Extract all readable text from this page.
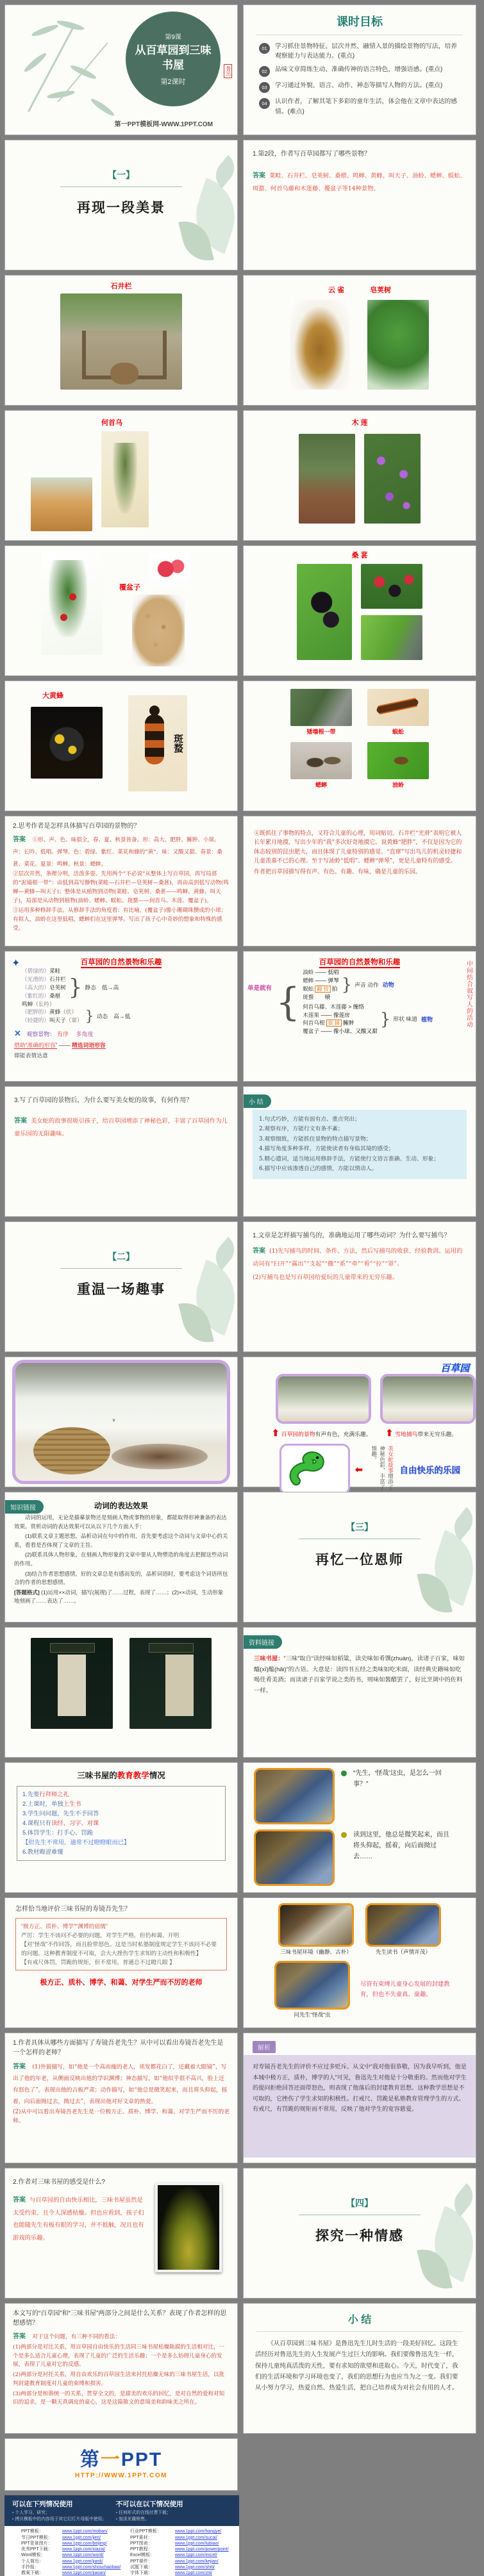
第9课
从百草园到三味
书屋
第2课时
鲁迅
第一PPT模板网-WWW.1PPT.COM
课时目标
01	学习抓住景物特征、层次井然、融情入景的描绘景物的写法，培养观察能力与表达能力。(重点)
02	品味文章简练生动、准确传神的语言特色，增强语感。(重点)
03	学习通过外貌、语言、动作、神态等描写人物的方法。(重点)
04	认识作者，了解其笔下多彩的童年生活，体会他在文章中表达的感情。(难点)
【一】
再现一段美景

1.第2段，作者写百草园都写了哪些景物？

答案 菜畦、石井栏、皂荚树、桑椹、鸣蝉、黄蜂、叫天子、油蛉、蟋蟀、蜈蚣、斑蝥、何首乌藤和木莲藤、覆盆子等14种景物。

石井栏	云 雀	皂荚树
何首乌	木 莲
覆盆子
桑 葚
大黄蜂
斑蝥
矮墙根一带	蜈蚣
蟋蟀	油蛉

2.思考作者是怎样具体描写百草园的景物的？

答案 ①形、声、色、味俱全，春、夏、秋景皆备。形：高大、肥胖、臃肿、小球。声：长吟、低唱、弹琴。色：碧绿、紫红、菜花和蜂的“黄”。味：又酸又甜。春景：桑葚、菜花。夏景：鸣蝉。秋景：蟋蟀。

②层次井然，条理分明，活泼多姿。先用两个“不必说”从整体上写百草园，再写局部的“泥墙根一带”：由低到高写静物(菜畦—石井栏—皂荚树—桑葚)，再由高到低写动物(鸣蝉—黄蜂—叫天子)；整体是从植物到动物(菜畦、皂荚树、桑葚——鸣蝉、黄蜂、叫天子)，局部是从动物到植物(油蛉、蟋蟀、蜈蚣、斑蝥——何首乌、木莲、覆盆子)。

③运用多种修辞手法。从修辞手法的角度看：有比喻，(覆盆子)像小珊瑚珠攒成的小球；有拟人，油蛉在这里低唱，蟋蟀们在这里弹琴。写出了孩子心中奇妙的想象和特殊的感受。

④既抓住了事物的特点，又符合儿童的心理，用词贴切。石井栏“光滑”表明它被人长年累月地摸，写出少年的“我”多次好奇地摸它。说黄蜂“肥胖”，不仅是因为它的体态较别的昆虫肥大，而且体现了儿童特别的感觉。“直窜”写出鸟儿的机灵轻捷和儿童羡慕不已的心理。至于写油蛉“低唱”、蟋蟀“弹琴”，更是儿童特有的感受。

作者把百草园描写得有声、有色、有趣、有味，确是儿童的乐园。

✦	百草园的自然景物和乐趣
（碧绿的）菜畦
（光滑的）石井栏
（高大的）皂荚树
（紫红的）桑椹
鸣蝉（长吟）
} 静态　 低→高
（肥胖的）黄蜂（伏）
（轻捷的）叫天子（窜） } 动态　 高→低
✕ 观察景物： 有序　 多角度
借助“准确的形容” —— 精选词语形容
即能表情达意
百草园的自然景物和乐趣
单是就有 }
油蛉 —— 低唱
蟋蟀 —— 弹琴
蜈蚣 翻 按 拍
斑蝥　　 喷
} 声音 动作 动物
何首乌藤、木莲藤 > 缠络
木莲果 —— 像莲房
何首乌根 拔 摘 臃肿
覆盆子 —— 像小球、又酸又甜
} 形状 味道 植物	中间结合叙写人的活动

3.写了百草园的景物后，为什么要写美女蛇的故事，有何作用？

答案 美女蛇的故事很吸引孩子，给百草园增添了神秘色彩，丰富了百草园作为儿童乐园的无限趣味。

小 结
1.句式巧妙，方能有面有点、重点突出；
2.观察有序，方能行文有条不紊；
3.观察细致，方能抓住景物的特点描写景物；
4.描写角度多种多样，方能使读者有身临其境的感受；
5.精心遣词，适当地运用修辞手法，方能使行文语言准确、生动、形象；
6.描写中应该渗透自己的感情，方能以情动人。
【二】
重温一场趣事

1.文章是怎样描写捕鸟的，准确地运用了哪些动词？为什么要写捕鸟？

答案 (1)先写捕鸟的时间、条件、方法，然后写捕鸟的收获、经验教训。运用的动词有“扫开”“露出”“支起”“撒”“系”“牵”“看”“拉”“罩”。

(2)写捕鸟也是写百草园给爱玩的儿童带来的无穷乐趣。

ᵛ
百草园
⬆ 百草园的景物有声有色，充满乐趣。 ⬆ 雪地捕鸟带来无穷乐趣。
⬅	美女蛇故事增添了神秘色彩，丰富了情趣。
自由快乐的乐园
知识链接	动词的表达效果

动词的运用，无论是描摹景物还是刻画人物或事物的形象，都能取得形神兼备的表达效果。赏析动词的表达效果可以从以下几个方面入手：

(1)联系文章主题思想。品析动词在句中的作用，首先要考虑这个动词与文章中心的关系，看看是否体现了文章的主旨。

(2)联系具体人物形象。在刻画人物形象的文章中要从人物塑造的角度去把握这些动词的作用。

(3)结合作者思想感情。好的文章总是有感而发的，品析词语时，要考虑这个词语所包含的作者的思想感情。

[答题格式] (1)运用××动词，描写(展现)了……过程，表现了……；(2)××动词，生动形象地刻画了……表达了……。

【三】
再忆一位恩师
资料链接
三味书屋：“三味”取自“读经味如稻粱，读史味如肴馔(zhuàn)，读诸子百家，味如醯(xī)醢(hǎi)”的古语。大意是：读四书五经之类味如吃米面，读经典史籍味如吃喝佳肴美酒；而读诸子百家学说之类的书，则味如酱醋罢了，好比烹调中的佐料一样。
三味书屋的教育教学情况
1.先要行拜师之礼
2.上课时，单独上生书
3.学生问问题，先生不予回答
4.课程只有读经、习字、对课
5.体罚学生：打手心、罚跪
【但先生不常用，通常不过瞪瞪眼而已】
6.教材晦涩难懂
“先生，‘怪哉’这虫，是怎么一回事？”
读到这里，他总是微笑起来，而且将头仰起，摇着，向后面拗过去……

怎样恰当地评价三味书屋的寿镜吾先生？

“极方正、质朴、博学”“渊博的宿儒”
严厉：学生不该问不必要的问题，对学生严格，但仍和蔼、开明
【对“怪哉”不作回答，而且脸带怒色。这是当时私塾制度规定学生不该问不必要的问题。这种教育制度不可取，会大大挫伤学生求知的主动性和积极性】
【有戒尺体罚，罚跪的规矩，但不常用，普通总不过瞪几眼 】
极方正、质朴、博学、和蔼、对学生严而不厉的老师
三味书屋环境（幽静、古朴）	先生读书（声情并茂）
问先生“怪哉”虫
尽管有束缚儿童身心发展的封建教育，但也不失童真、童趣。

1.作者具体从哪些方面描写了寿镜吾老先生？从中可以看出寿镜吾老先生是一个怎样的老师？

答案 (1)外貌描写，如“他是一个高而瘦的老人，须发都花白了，还戴着大眼镜”，写出了他的年老，从侧面反映出他的学识渊博；神态描写，如“他似乎很不高兴，脸上还有怒色了”，表现出他的古板严肃；动作描写，如“他总是微笑起来，而且将头仰起，摇着，向后面拗过去，拗过去”，表现出他对好文章的热爱。

(2)从中可以看出寿镜吾老先生是一位极方正、质朴、博学、和蔼、对学生严而不厉的老师。

解析
对寿镜吾老先生的评价不应过多贬斥。从文中“我对他很恭敬，因为我早听到，他是本城中极方正，质朴，博学的人”可见，鲁迅先生对他是十分敬重的。然而他对学生的提问拒绝回答还面带怒色，则表现了他落后的封建教育思想。这种教学思想是不可取的，它挫伤了学生求知的积极性。打戒尺、罚跪是私塾教育管理学生的方式。有戒尺，有罚跪的规矩而不常用，反映了他对学生的宽容慈爱。

2.作者对三味书屋的感受是什么?

答案 与百草园的自由快乐相比，三味书屋虽然是太受约束，且令人深感枯燥。但也应看到，孩子们也能随先生有板有眼的学习，并不抵触，况且也有游戏的乐趣。

【四】
探究一种情感

本文写的“百草园”和“三味书屋”两部分之间是什么关系？表现了作者怎样的思想感情？

答案 对于这个问题，有三种不同的看法：

(1)两部分是对比关系，用百草园自由快乐的生活同三味书屋枯燥陈腐的生活相对比，一个是多么适合儿童心理，表现了儿童的广泛的生活乐趣；一个是多么妨碍儿童身心的发展，表现了儿童对它的反感。

(2)两部分是衬托关系，用自由欢乐的百草园生活来衬托枯燥无味的三味书屋生活，以批判封建教育制度对儿童的束缚和损害。

(3)两部分是和谐统一的关系，贯穿全文的，是甜美的欢乐的回忆，是对自然的爱和对知识的追求，是一颗天真调皮的童心，这是这篇散文的意境美和韵味美之所在。

小 结
《从百草园到三味书屋》是鲁迅先生儿时生活的一段美好回忆。这段生活经历对鲁迅先生的人生发展产生过巨大的影响。我们要像鲁迅先生一样，保持儿童纯真活泼的天性，要有求知的欲望和进取心。今天，时代变了，我们的生活环境和学习环境也变了，我们的思想行为也应当为之一变。我们要从小努力学习，热爱自然、热爱生活，把自己培养成为对社会有用的人才。
第一PPT
HTTP://WWW.1PPT.COM
可以在下列情况使用
▪ 个人学习、研究；
▪ 拷贝模板中的内容用于其它幻灯片母版中使用；
不可以在以下情况使用
▪ 任何形式的在线付费下载；
▪ 刻录光碟销售。
PPT模板：	www.1ppt.com/moban/
节日PPT模板：	www.1ppt.com/jieri/
PPT背景图片：	www.1ppt.com/beijing/
优秀PPT下载：	www.1ppt.com/xiazai/
Word模板：	www.1ppt.com/word/
个人简历：	www.1ppt.com/jianli/
手抄报：	www.1ppt.com/shouchaobao/
教案下载：	www.1ppt.com/jiaoan/
行业PPT模板：	www.1ppt.com/hangye/
PPT素材：	www.1ppt.com/sucai/
PPT图表：	www.1ppt.com/tubiao/
PPT教程：	www.1ppt.com/powerpoint/
Excel模板：	www.1ppt.com/excel/
PPT课件：	www.1ppt.com/kejian/
试题下载：	www.1ppt.com/shiti/
字体下载：	www.1ppt.com/ziti/
